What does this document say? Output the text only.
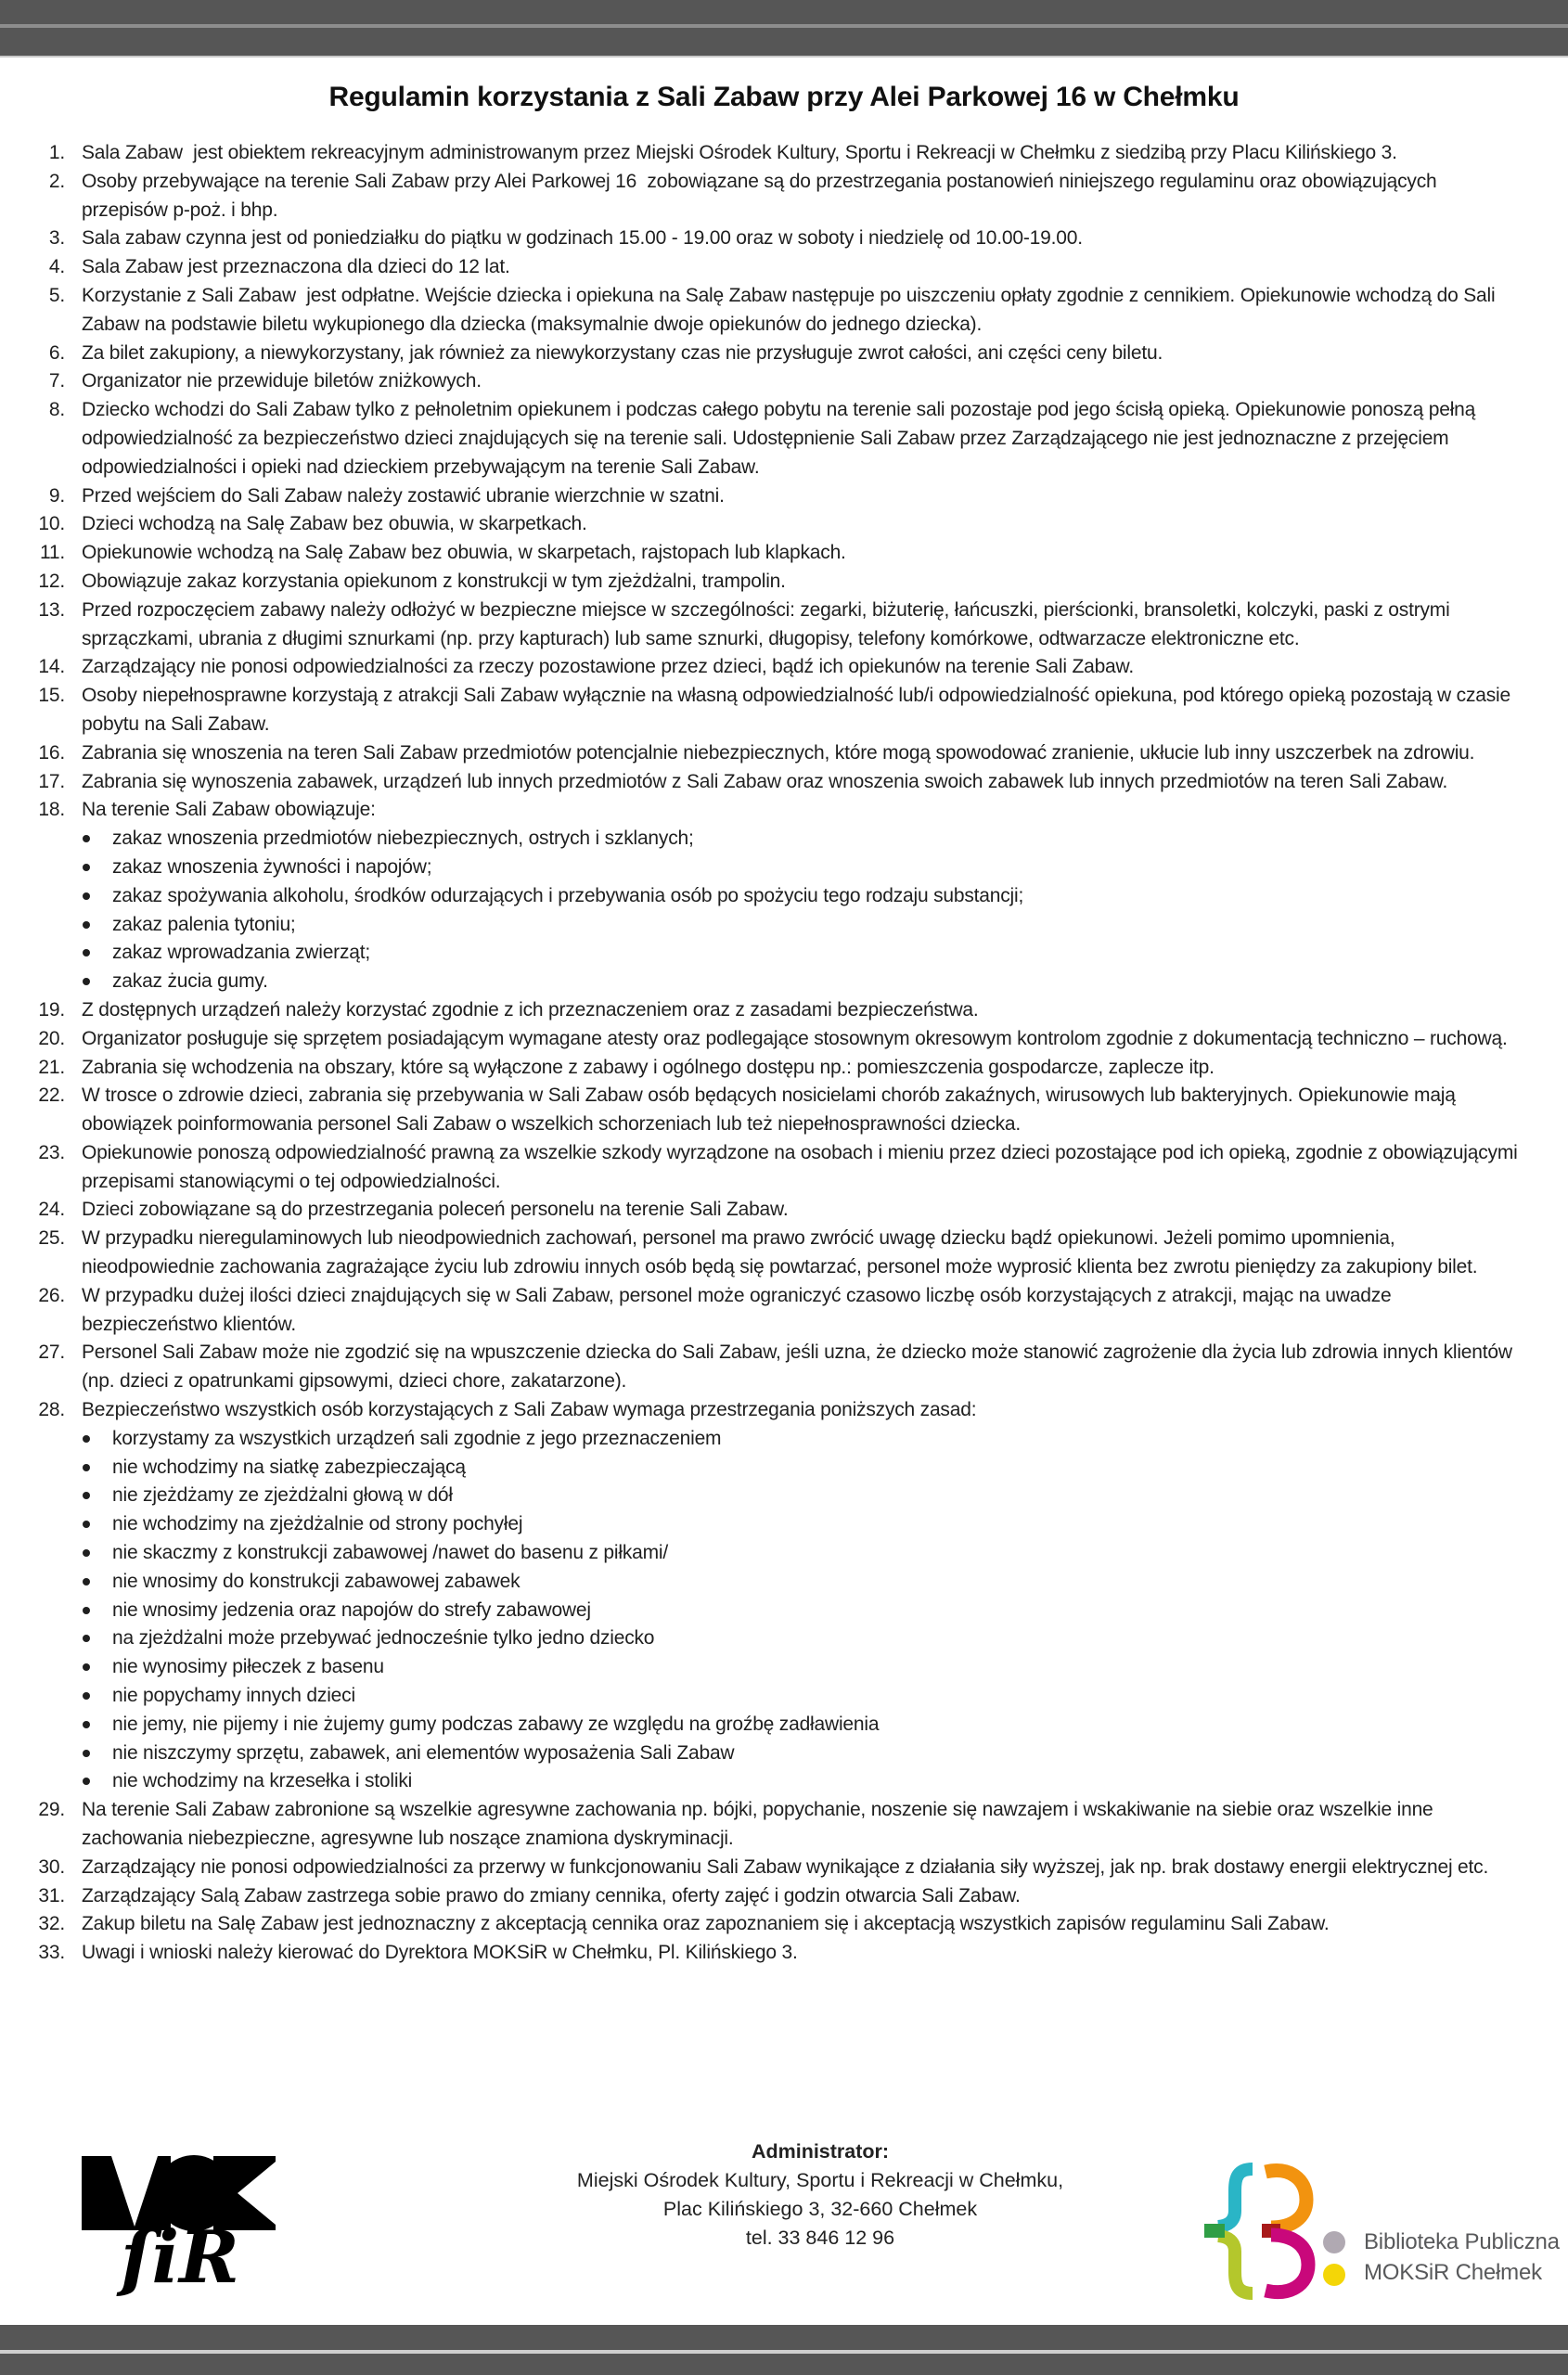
Regulamin korzystania z Sali Zabaw przy Alei Parkowej 16 w Chełmku
1. Sala Zabaw  jest obiektem rekreacyjnym administrowanym przez Miejski Ośrodek Kultury, Sportu i Rekreacji w Chełmku z siedzibą przy Placu Kilińskiego 3.
2. Osoby przebywające na terenie Sali Zabaw przy Alei Parkowej 16  zobowiązane są do przestrzegania postanowień niniejszego regulaminu oraz obowiązujących przepisów p-poż. i bhp.
3. Sala zabaw czynna jest od poniedziałku do piątku w godzinach 15.00 - 19.00 oraz w soboty i niedzielę od 10.00-19.00.
4. Sala Zabaw jest przeznaczona dla dzieci do 12 lat.
5. Korzystanie z Sali Zabaw  jest odpłatne. Wejście dziecka i opiekuna na Salę Zabaw następuje po uiszczeniu opłaty zgodnie z cennikiem. Opiekunowie wchodzą do Sali Zabaw na podstawie biletu wykupionego dla dziecka (maksymalnie dwoje opiekunów do jednego dziecka).
6. Za bilet zakupiony, a niewykorzystany, jak również za niewykorzystany czas nie przysługuje zwrot całości, ani części ceny biletu.
7. Organizator nie przewiduje biletów zniżkowych.
8. Dziecko wchodzi do Sali Zabaw tylko z pełnoletnim opiekunem i podczas całego pobytu na terenie sali pozostaje pod jego ścisłą opieką. Opiekunowie ponoszą pełną odpowiedzialność za bezpieczeństwo dzieci znajdujących się na terenie sali. Udostępnienie Sali Zabaw przez Zarządzającego nie jest jednoznaczne z przejęciem odpowiedzialności i opieki nad dzieckiem przebywającym na terenie Sali Zabaw.
9. Przed wejściem do Sali Zabaw należy zostawić ubranie wierzchnie w szatni.
10. Dzieci wchodzą na Salę Zabaw bez obuwia, w skarpetkach.
11. Opiekunowie wchodzą na Salę Zabaw bez obuwia, w skarpetach, rajstopach lub klapkach.
12. Obowiązuje zakaz korzystania opiekunom z konstrukcji w tym zjeżdżalni, trampolin.
13. Przed rozpoczęciem zabawy należy odłożyć w bezpieczne miejsce w szczególności: zegarki, biżuterię, łańcuszki, pierścionki, bransoletki, kolczyki, paski z ostrymi sprzączkami, ubrania z długimi sznurkami (np. przy kapturach) lub same sznurki, długopisy, telefony komórkowe, odtwarzacze elektroniczne etc.
14. Zarządzający nie ponosi odpowiedzialności za rzeczy pozostawione przez dzieci, bądź ich opiekunów na terenie Sali Zabaw.
15. Osoby niepełnosprawne korzystają z atrakcji Sali Zabaw wyłącznie na własną odpowiedzialność lub/i odpowiedzialność opiekuna, pod którego opieką pozostają w czasie pobytu na Sali Zabaw.
16. Zabrania się wnoszenia na teren Sali Zabaw przedmiotów potencjalnie niebezpiecznych, które mogą spowodować zranienie, ukłucie lub inny uszczerbek na zdrowiu.
17. Zabrania się wynoszenia zabawek, urządzeń lub innych przedmiotów z Sali Zabaw oraz wnoszenia swoich zabawek lub innych przedmiotów na teren Sali Zabaw.
18. Na terenie Sali Zabaw obowiązuje:
zakaz wnoszenia przedmiotów niebezpiecznych, ostrych i szklanych;
zakaz wnoszenia żywności i napojów;
zakaz spożywania alkoholu, środków odurzających i przebywania osób po spożyciu tego rodzaju substancji;
zakaz palenia tytoniu;
zakaz wprowadzania zwierząt;
zakaz żucia gumy.
19. Z dostępnych urządzeń należy korzystać zgodnie z ich przeznaczeniem oraz z zasadami bezpieczeństwa.
20. Organizator posługuje się sprzętem posiadającym wymagane atesty oraz podlegające stosownym okresowym kontrolom zgodnie z dokumentacją techniczno – ruchową.
21. Zabrania się wchodzenia na obszary, które są wyłączone z zabawy i ogólnego dostępu np.: pomieszczenia gospodarcze, zaplecze itp.
22. W trosce o zdrowie dzieci, zabrania się przebywania w Sali Zabaw osób będących nosicielami chorób zakaźnych, wirusowych lub bakteryjnych. Opiekunowie mają obowiązek poinformowania personel Sali Zabaw o wszelkich schorzeniach lub też niepełnosprawności dziecka.
23. Opiekunowie ponoszą odpowiedzialność prawną za wszelkie szkody wyrządzone na osobach i mieniu przez dzieci pozostające pod ich opieką, zgodnie z obowiązującymi przepisami stanowiącymi o tej odpowiedzialności.
24. Dzieci zobowiązane są do przestrzegania poleceń personelu na terenie Sali Zabaw.
25. W przypadku nieregulaminowych lub nieodpowiednich zachowań, personel ma prawo zwrócić uwagę dziecku bądź opiekunowi. Jeżeli pomimo upomnienia, nieodpowiednie zachowania zagrażające życiu lub zdrowiu innych osób będą się powtarzać, personel może wyprosić klienta bez zwrotu pieniędzy za zakupiony bilet.
26. W przypadku dużej ilości dzieci znajdujących się w Sali Zabaw, personel może ograniczyć czasowo liczbę osób korzystających z atrakcji, mając na uwadze bezpieczeństwo klientów.
27. Personel Sali Zabaw może nie zgodzić się na wpuszczenie dziecka do Sali Zabaw, jeśli uzna, że dziecko może stanowić zagrożenie dla życia lub zdrowia innych klientów (np. dzieci z opatrunkami gipsowymi, dzieci chore, zakatarzone).
28. Bezpieczeństwo wszystkich osób korzystających z Sali Zabaw wymaga przestrzegania poniższych zasad:
korzystamy za wszystkich urządzeń sali zgodnie z jego przeznaczeniem
nie wchodzimy na siatkę zabezpieczającą
nie zjeżdżamy ze zjeżdżalni głową w dół
nie wchodzimy na zjeżdżalnie od strony pochyłej
nie skaczmy z konstrukcji zabawowej /nawet do basenu z piłkami/
nie wnosimy do konstrukcji zabawowej zabawek
nie wnosimy jedzenia oraz napojów do strefy zabawowej
na zjeżdżalni może przebywać jednocześnie tylko jedno dziecko
nie wynosimy piłeczek z basenu
nie popychamy innych dzieci
nie jemy, nie pijemy i nie żujemy gumy podczas zabawy ze względu na groźbę zadławienia
nie niszczymy sprzętu, zabawek, ani elementów wyposażenia Sali Zabaw
nie wchodzimy na krzesełka i stoliki
29. Na terenie Sali Zabaw zabronione są wszelkie agresywne zachowania np. bójki, popychanie, noszenie się nawzajem i wskakiwanie na siebie oraz wszelkie inne zachowania niebezpieczne, agresywne lub noszące znamiona dyskryminacji.
30. Zarządzający nie ponosi odpowiedzialności za przerwy w funkcjonowaniu Sali Zabaw wynikające z działania siły wyższej, jak np. brak dostawy energii elektrycznej etc.
31. Zarządzający Salą Zabaw zastrzega sobie prawo do zmiany cennika, oferty zajęć i godzin otwarcia Sali Zabaw.
32. Zakup biletu na Salę Zabaw jest jednoznaczny z akceptacją cennika oraz zapoznaniem się i akceptacją wszystkich zapisów regulaminu Sali Zabaw.
33. Uwagi i wnioski należy kierować do Dyrektora MOKSiR w Chełmku, Pl. Kilińskiego 3.
Administrator:
Miejski Ośrodek Kultury, Sportu i Rekreacji w Chełmku,
Plac Kilińskiego 3, 32-660 Chełmek
tel. 33 846 12 96
ſiR	Biblioteka Publiczna
MOKSiR Chełmek
